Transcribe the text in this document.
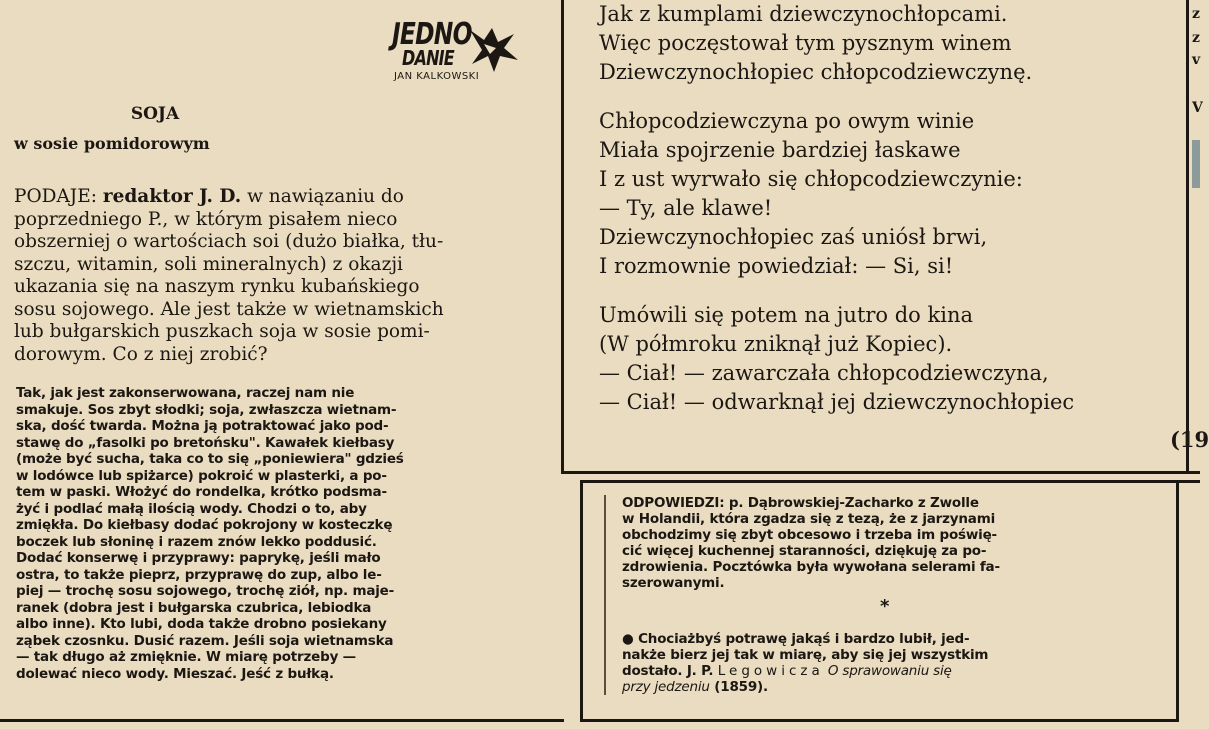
JEDNO
DANIE
JAN KALKOWSKI
SOJA
w sosie pomidorowym

PODAJE: redaktor J. D. w nawiązaniu do

poprzedniego P., w którym pisałem nieco

obszerniej o wartościach soi (dużo białka, tłu-

szczu, witamin, soli mineralnych) z okazji

ukazania się na naszym rynku kubańskiego

sosu sojowego. Ale jest także w wietnamskich

lub bułgarskich puszkach soja w sosie pomi-

dorowym. Co z niej zrobić?

Tak, jak jest zakonserwowana, raczej nam nie

smakuje. Sos zbyt słodki; soja, zwłaszcza wietnam-

ska, dość twarda. Można ją potraktować jako pod-

stawę do „fasolki po bretońsku". Kawałek kiełbasy

(może być sucha, taka co to się „poniewiera" gdzieś

w lodówce lub spiżarce) pokroić w plasterki, a po-

tem w paski. Włożyć do rondelka, krótko podsma-

żyć i podlać małą ilością wody. Chodzi o to, aby

zmiękła. Do kiełbasy dodać pokrojony w kosteczkę

boczek lub słoninę i razem znów lekko poddusić.

Dodać konserwę i przyprawy: paprykę, jeśli mało

ostra, to także pieprz, przyprawę do zup, albo le-

piej — trochę sosu sojowego, trochę ziół, np. maje-

ranek (dobra jest i bułgarska czubrica, lebiodka

albo inne). Kto lubi, doda także drobno posiekany

ząbek czosnku. Dusić razem. Jeśli soja wietnamska

— tak długo aż zmięknie. W miarę potrzeby —

dolewać nieco wody. Mieszać. Jeść z bułką.

Jak z kumplami dziewczynochłopcami.

Więc poczęstował tym pysznym winem

Dziewczynochłopiec chłopcodziewczynę.

Chłopcodziewczyna po owym winie

Miała spojrzenie bardziej łaskawe

I z ust wyrwało się chłopcodziewczynie:

— Ty, ale klawe!

Dziewczynochłopiec zaś uniósł brwi,

I rozmownie powiedział: — Si, si!

Umówili się potem na jutro do kina

(W półmroku zniknął już Kopiec).

— Ciał! — zawarczała chłopcodziewczyna,

— Ciał! — odwarknął jej dziewczynochłopiec

(19

ODPOWIEDZI: p. Dąbrowskiej-Zacharko z Zwolle

w Holandii, która zgadza się z tezą, że z jarzynami

obchodzimy się zbyt obcesowo i trzeba im poświę-

cić więcej kuchennej staranności, dziękuję za po-

zdrowienia. Pocztówka była wywołana selerami fa-

szerowanymi.

*

● Chociażbyś potrawę jakąś i bardzo lubił, jed-

nakże bierz jej tak w miarę, aby się jej wszystkim

dostało. J. P. Legowicza O sprawowaniu się

przy jedzeniu (1859).

z
z
v
V
